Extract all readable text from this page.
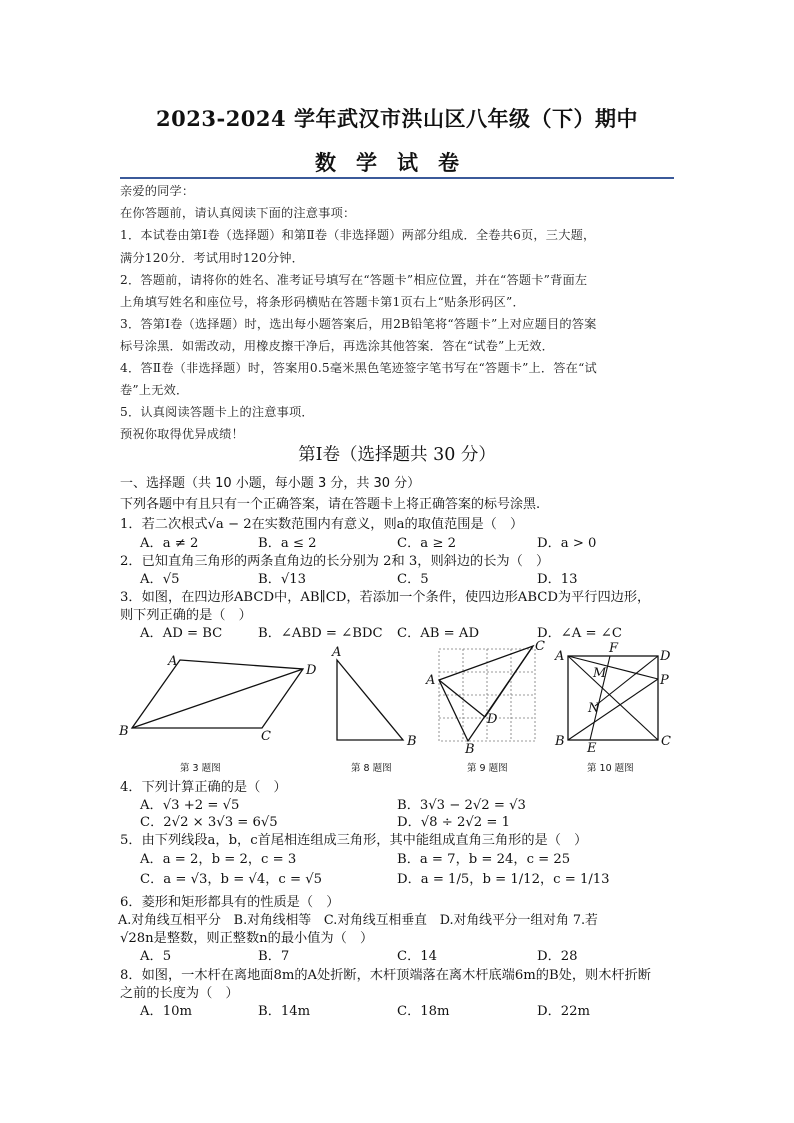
2023-2024 学年武汉市洪山区八年级（下）期中
数学试卷
亲爱的同学：
在你答题前，请认真阅读下面的注意事项：
1．本试卷由第Ⅰ卷（选择题）和第Ⅱ卷（非选择题）两部分组成．全卷共6页，三大题，
满分120分．考试用时120分钟．
2．答题前，请将你的姓名、准考证号填写在“答题卡”相应位置，并在“答题卡”背面左
上角填写姓名和座位号，将条形码横贴在答题卡第1页右上“贴条形码区”．
3．答第Ⅰ卷（选择题）时，选出每小题答案后，用2B铅笔将“答题卡”上对应题目的答案
标号涂黑．如需改动，用橡皮擦干净后，再选涂其他答案．答在“试卷”上无效．
4．答Ⅱ卷（非选择题）时，答案用0.5毫米黑色笔迹签字笔书写在“答题卡”上．答在“试
卷”上无效．
5．认真阅读答题卡上的注意事项．
预祝你取得优异成绩！
第Ⅰ卷（选择题共 30 分）
一、选择题（共 10 小题，每小题 3 分，共 30 分）
下列各题中有且只有一个正确答案，请在答题卡上将正确答案的标号涂黑.
1．若二次根式√a − 2在实数范围内有意义，则a的取值范围是（　）
A．a ≠ 2	B．a ≤ 2	C．a ≥ 2	D．a > 0
2．已知直角三角形的两条直角边的长分别为 2和 3，则斜边的长为（　）
A．√5	B．√13	C．5	D．13
3．如图，在四边形ABCD中，AB∥CD，若添加一个条件，使四边形ABCD为平行四边形，
则下列正确的是（　）
A．AD = BC	B．∠ABD = ∠BDC C．AB = AD	D．∠A = ∠C
A
B	C
D
A
B
A
B
C
D
A
B	C
D
E
F
M
N
P
第 3 题图	第 8 题图	第 9 题图	第 10 题图
4．下列计算正确的是（　）
A．√3 +2 = √5	B．3√3 − 2√2 = √3
C．2√2 × 3√3 = 6√5	D．√8 ÷ 2√2 = 1
5．由下列线段a，b，c首尾相连组成三角形，其中能组成直角三角形的是（　）
A．a = 2，b = 2，c = 3	B．a = 7，b = 24，c = 25
C．a = √3，b = √4，c = √5	D．a = 1/5，b = 1/12，c = 1/13
6．菱形和矩形都具有的性质是（　）
A.对角线互相平分　B.对角线相等　C.对角线互相垂直　D.对角线平分一组对角 7.若
√28n是整数，则正整数n的最小值为（　）
A．5	B．7	C．14	D．28
8．如图，一木杆在离地面8m的A处折断，木杆顶端落在离木杆底端6m的B处，则木杆折断
之前的长度为（　）
A．10m	B．14m	C．18m	D．22m
